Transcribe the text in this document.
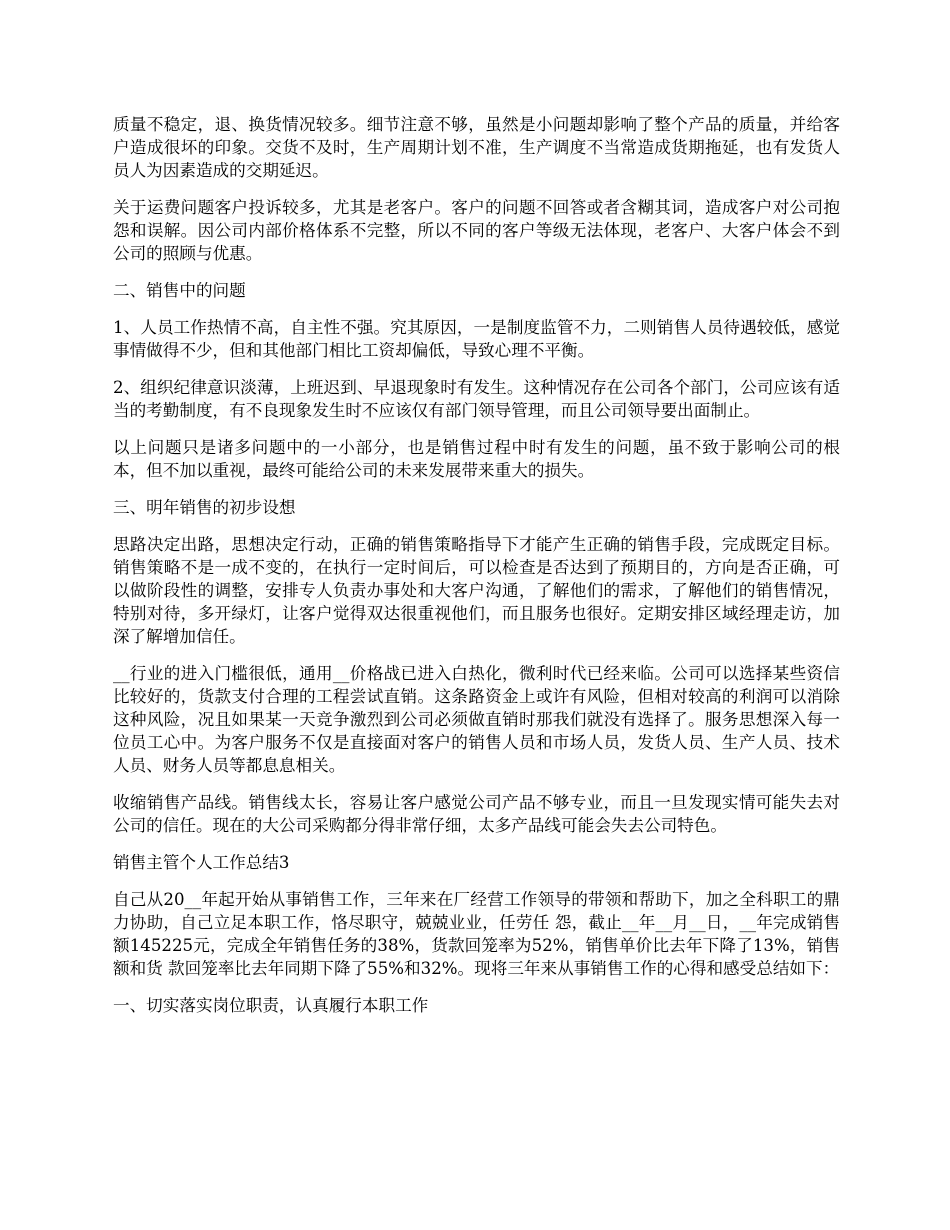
质量不稳定，退、换货情况较多。细节注意不够，虽然是小问题却影响了整个产品的质量，并给客户造成很坏的印象。交货不及时，生产周期计划不准，生产调度不当常造成货期拖延，也有发货人员人为因素造成的交期延迟。

关于运费问题客户投诉较多，尤其是老客户。客户的问题不回答或者含糊其词，造成客户对公司抱怨和误解。因公司内部价格体系不完整，所以不同的客户等级无法体现，老客户、大客户体会不到公司的照顾与优惠。

二、销售中的问题

1、人员工作热情不高，自主性不强。究其原因，一是制度监管不力，二则销售人员待遇较低，感觉事情做得不少，但和其他部门相比工资却偏低，导致心理不平衡。

2、组织纪律意识淡薄，上班迟到、早退现象时有发生。这种情况存在公司各个部门，公司应该有适当的考勤制度，有不良现象发生时不应该仅有部门领导管理，而且公司领导要出面制止。

以上问题只是诸多问题中的一小部分，也是销售过程中时有发生的问题，虽不致于影响公司的根本，但不加以重视，最终可能给公司的未来发展带来重大的损失。

三、明年销售的初步设想

思路决定出路，思想决定行动，正确的销售策略指导下才能产生正确的销售手段，完成既定目标。销售策略不是一成不变的，在执行一定时间后，可以检查是否达到了预期目的，方向是否正确，可以做阶段性的调整，安排专人负责办事处和大客户沟通，了解他们的需求，了解他们的销售情况，特别对待，多开绿灯，让客户觉得双达很重视他们，而且服务也很好。定期安排区域经理走访，加深了解增加信任。

__行业的进入门槛很低，通用__价格战已进入白热化，微利时代已经来临。公司可以选择某些资信比较好的，货款支付合理的工程尝试直销。这条路资金上或许有风险，但相对较高的利润可以消除这种风险，况且如果某一天竞争激烈到公司必须做直销时那我们就没有选择了。服务思想深入每一位员工心中。为客户服务不仅是直接面对客户的销售人员和市场人员，发货人员、生产人员、技术人员、财务人员等都息息相关。

收缩销售产品线。销售线太长，容易让客户感觉公司产品不够专业，而且一旦发现实情可能失去对公司的信任。现在的大公司采购都分得非常仔细，太多产品线可能会失去公司特色。

销售主管个人工作总结3

自己从20__年起开始从事销售工作，三年来在厂经营工作领导的带领和帮助下，加之全科职工的鼎力协助，自己立足本职工作，恪尽职守，兢兢业业，任劳任 怨，截止__年__月__日，__年完成销售额145225元，完成全年销售任务的38%，货款回笼率为52%，销售单价比去年下降了13%，销售额和货 款回笼率比去年同期下降了55%和32%。现将三年来从事销售工作的心得和感受总结如下：

一、切实落实岗位职责，认真履行本职工作
